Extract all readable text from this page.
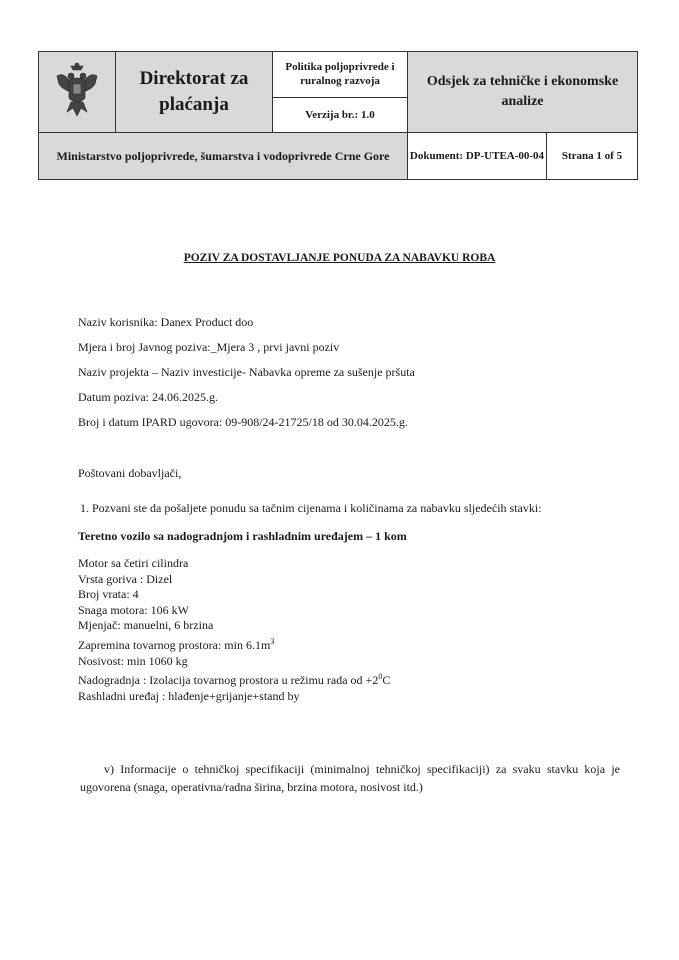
	Direktorat za plaćanja	Politika poljoprivrede i ruralnog razvoja	Odsjek za tehničke i ekonomske analize	
		Verzija br.: 1.0		
Ministarstvo poljoprivrede, šumarstva i vodoprivrede Crne Gore			Dokument: DP-UTEA-00-04	Strana 1 of 5
POZIV ZA DOSTAVLJANJE PONUDA ZA NABAVKU ROBA
Naziv korisnika: Danex Product doo
Mjera i broj Javnog poziva:_Mjera 3 , prvi javni poziv
Naziv projekta – Naziv investicije- Nabavka opreme za sušenje pršuta
Datum poziva: 24.06.2025.g.
Broj i datum IPARD ugovora: 09-908/24-21725/18 od 30.04.2025.g.
Poštovani dobavljači,
1. Pozvani ste da pošaljete ponudu sa tačnim cijenama i količinama za nabavku sljedećih stavki:
Teretno vozilo sa nadogradnjom i rashladnim uređajem – 1 kom
Motor sa četiri cilindra
Vrsta goriva : Dizel
Broj vrata: 4
Snaga motora: 106 kW
Mjenjač: manuelni, 6 brzina
Zapremina tovarnog prostora: $\min 6.1m^3$
Nosivost: min 1060 kg
Nadogradnja : Izolacija tovarnog prostora u režimu rada od $+2^0C$
Rashladni uređaj : hlađenje+grijanje+stand by
v) Informacije o tehničkoj specifikaciji (minimalnoj tehničkoj specifikaciji) za svaku stavku koja je ugovorena (snaga, operativna/radna širina, brzina motora, nosivost itd.)
